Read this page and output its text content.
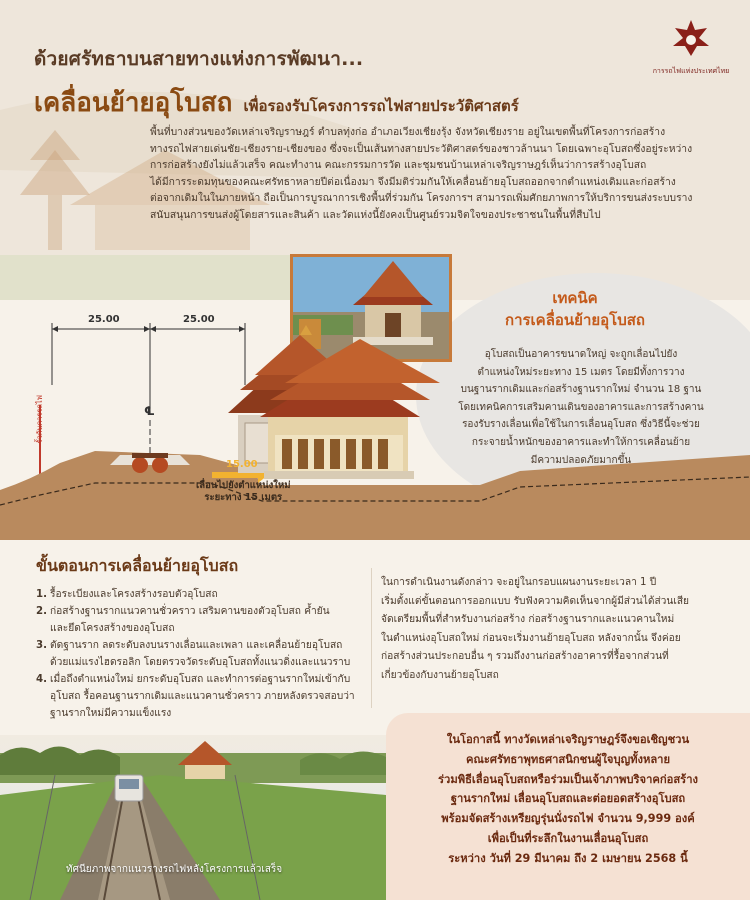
การรถไฟแห่งประเทศไทย
ด้วยศรัทธาบนสายทางแห่งการพัฒนา...
เคลื่อนย้ายอุโบสถ เพื่อรองรับโครงการรถไฟสายประวัติศาสตร์
พื้นที่บางส่วนของวัดเหล่าเจริญราษฎร์ ตำบลทุ่งก่อ อำเภอเวียงเชียงรุ้ง จังหวัดเชียงราย อยู่ในเขตพื้นที่โครงการก่อสร้าง
ทางรถไฟสายเด่นชัย-เชียงราย-เชียงของ ซึ่งจะเป็นเส้นทางสายประวัติศาสตร์ของชาวล้านนา โดยเฉพาะอุโบสถซึ่งอยู่ระหว่าง
การก่อสร้างยังไม่แล้วเสร็จ คณะทำงาน คณะกรรมการวัด และชุมชนบ้านเหล่าเจริญราษฎร์เห็นว่าการสร้างอุโบสถ
ได้มีการระดมทุนของคณะศรัทธาหลายปีต่อเนื่องมา จึงมีมติร่วมกันให้เคลื่อนย้ายอุโบสถออกจากตำแหน่งเดิมและก่อสร้าง
ต่อจากเดิมในในภายหน้า ถือเป็นการบูรณาการเชิงพื้นที่ร่วมกัน โครงการฯ สามารถเพิ่มศักยภาพการให้บริการขนส่งระบบราง
สนับสนุนการขนส่งผู้โดยสารและสินค้า และวัดแห่งนี้ยังคงเป็นศูนย์รวมจิตใจของประชาชนในพื้นที่สืบไป
เทคนิค
การเคลื่อนย้ายอุโบสถ
อุโบสถเป็นอาคารขนาดใหญ่ จะถูกเลื่อนไปยัง
ตำแหน่งใหม่ระยะทาง 15 เมตร โดยมีทั้งการวาง
บนฐานรากเดิมและก่อสร้างฐานรากใหม่ จำนวน 18 ฐาน
โดยเทคนิคการเสริมคานเดินของอาคารและการสร้างคาน
รองรับรางเลื่อนเพื่อใช้ในการเลื่อนอุโบสถ ซึ่งวิธีนี้จะช่วย
กระจายน้ำหนักของอาคารและทำให้การเคลื่อนย้าย
มีความปลอดภัยมากขึ้น
25.00	25.00
℄
รั้วกันการรถไฟ
15.00
เลื่อนไปยังตำแหน่งใหม่
ระยะทาง 15 เมตร
ขั้นตอนการเคลื่อนย้ายอุโบสถ
1. รื้อระเบียงและโครงสร้างรอบตัวอุโบสถ
2. ก่อสร้างฐานรากแนวคานชั่วคราว เสริมคานของตัวอุโบสถ ค้ำยัน
และยึดโครงสร้างของอุโบสถ
3. ตัดฐานราก ลดระดับลงบนรางเลื่อนและเพลา และเคลื่อนย้ายอุโบสถ
ด้วยแม่แรงไฮดรอลิก โดยตรวจวัดระดับอุโบสถทั้งแนวดิ่งและแนวราบ
4. เมื่อถึงตำแหน่งใหม่ ยกระดับอุโบสถ และทำการต่อฐานรากใหม่เข้ากับ
อุโบสถ รื้อคอนฐานรากเดิมและแนวคานชั่วคราว ภายหลังตรวจสอบว่า
ฐานรากใหม่มีความแข็งแรง
ในการดำเนินงานดังกล่าว จะอยู่ในกรอบแผนงานระยะเวลา 1 ปี
เริ่มตั้งแต่ขั้นตอนการออกแบบ รับฟังความคิดเห็นจากผู้มีส่วนได้ส่วนเสีย
จัดเตรียมพื้นที่สำหรับงานก่อสร้าง ก่อสร้างฐานรากและแนวคานใหม่
ในตำแหน่งอุโบสถใหม่ ก่อนจะเริ่มงานย้ายอุโบสถ หลังจากนั้น จึงค่อย
ก่อสร้างส่วนประกอบอื่น ๆ รวมถึงงานก่อสร้างอาคารที่รื้อจากส่วนที่
เกี่ยวข้องกับงานย้ายอุโบสถ
ทัศนียภาพจากแนวรางรถไฟหลังโครงการแล้วเสร็จ
ในโอกาสนี้ ทางวัดเหล่าเจริญราษฎร์จึงขอเชิญชวน
คณะศรัทธาพุทธศาสนิกชนผู้ใจบุญทั้งหลาย
ร่วมพิธีเลื่อนอุโบสถหรือร่วมเป็นเจ้าภาพบริจาคก่อสร้าง
ฐานรากใหม่ เลื่อนอุโบสถและต่อยอดสร้างอุโบสถ
พร้อมจัดสร้างเหรียญรุ่นนั่งรถไฟ จำนวน 9,999 องค์
เพื่อเป็นที่ระลึกในงานเลื่อนอุโบสถ
ระหว่าง วันที่ 29 มีนาคม ถึง 2 เมษายน 2568 นี้
